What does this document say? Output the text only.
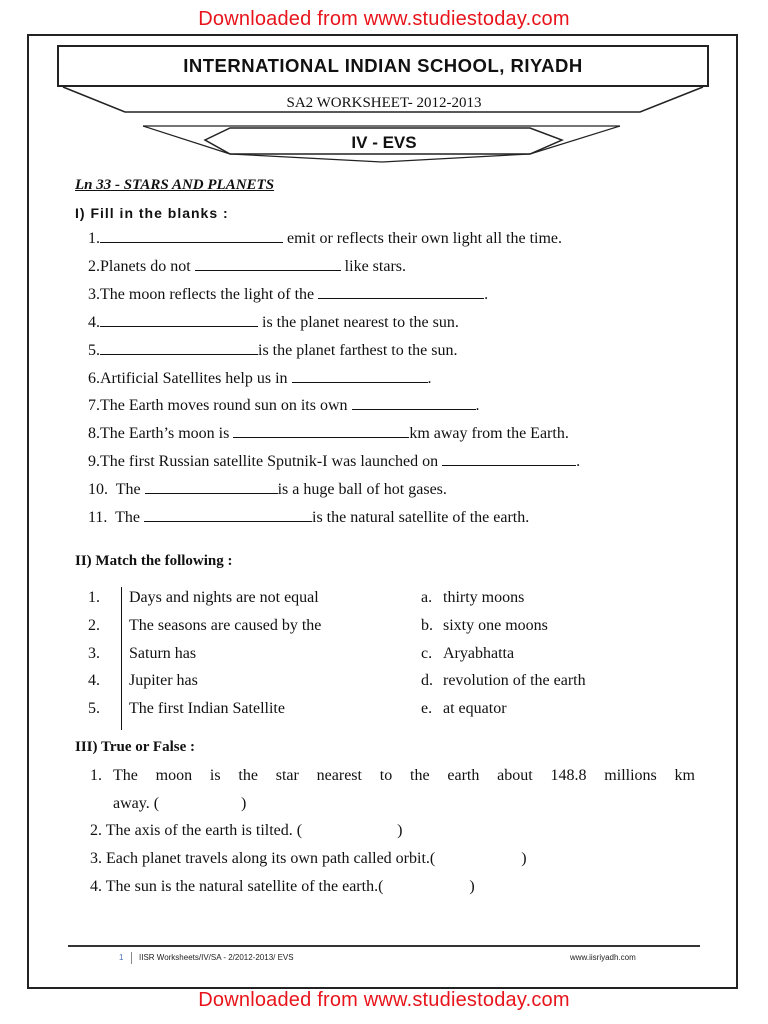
Downloaded from www.studiestoday.com
Downloaded from www.studiestoday.com
INTERNATIONAL INDIAN SCHOOL, RIYADH
SA2 WORKSHEET- 2012-2013
IV - EVS
Ln 33 - STARS AND PLANETS
I) Fill in the blanks :
1.	emit or reflects their own light all the time.
2.Planets do not	like stars.
3.The moon reflects the light of the	.
4.	is the planet nearest to the sun.
5.	is the planet farthest to the sun.
6.Artificial Satellites help us in	.
7.The Earth moves round sun on its own	.
8.The Earth’s moon is	km away from the Earth.
9.The first Russian satellite Sputnik-I was launched on	.
10. The	is a huge ball of hot gases.
11. The	is the natural satellite of the earth.
II) Match the following :
1. Days and nights are not equal	a. thirty moons
2. The seasons are caused by the	b. sixty one moons
3. Saturn has	c. Aryabhatta
4. Jupiter has	d. revolution of the earth
5. The first Indian Satellite	e. at equator
III) True or False :
1. The moon is the star nearest to the earth about 148.8 millions km
away. (	)
2. The axis of the earth is tilted. (	)
3. Each planet travels along its own path called orbit.(	)
4. The sun is the natural satellite of the earth.(	)
1 IISR Worksheets/IV/SA - 2/2012-2013/ EVS	www.iisriyadh.com
